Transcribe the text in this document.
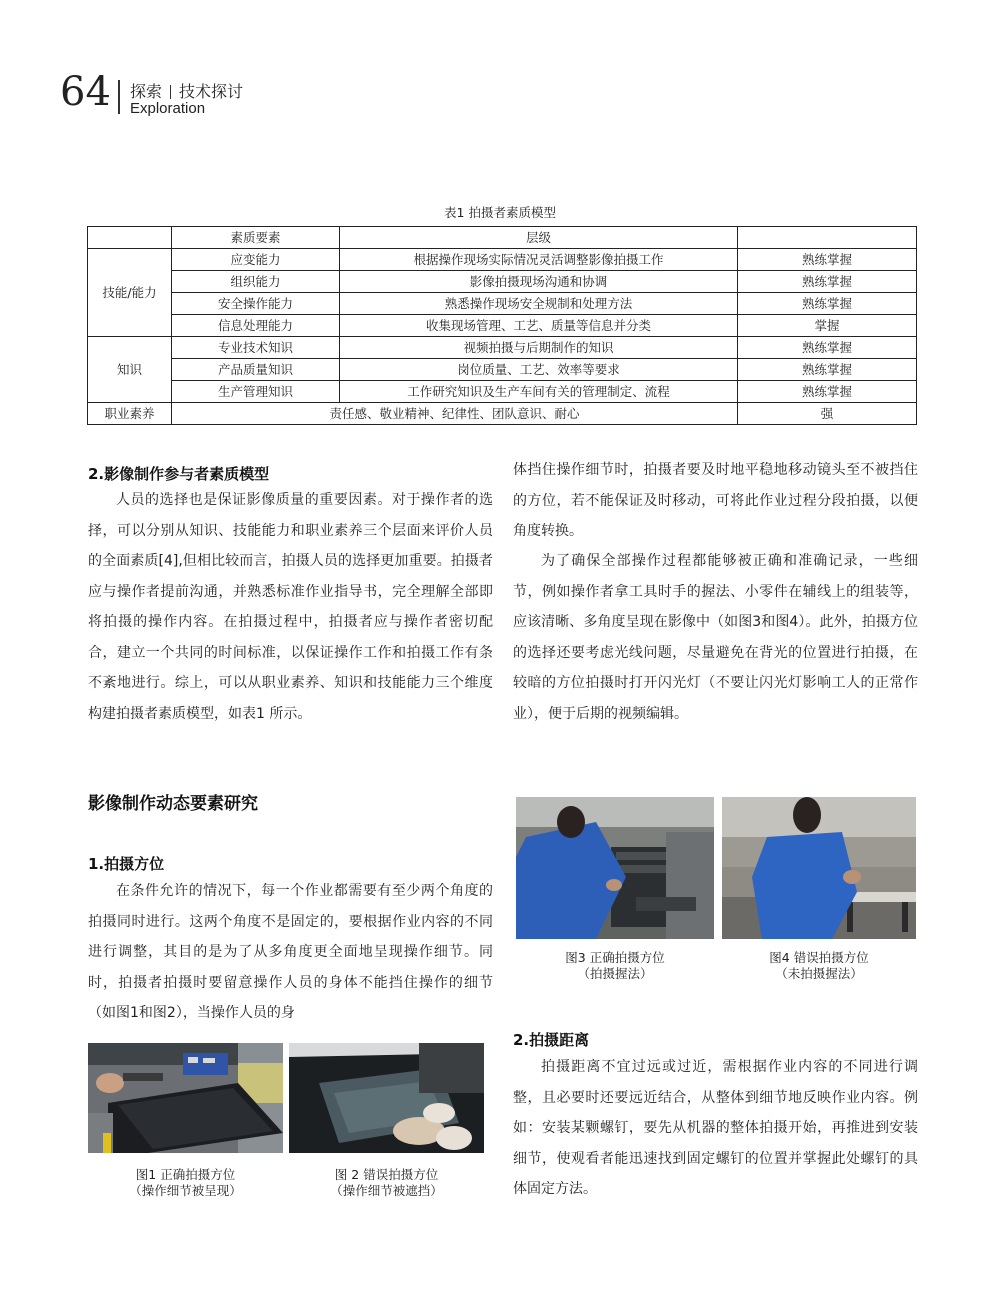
64 探索 技术探讨
Exploration
表1 拍摄者素质模型
	素质要素	层级	
技能/能力	应变能力	根据操作现场实际情况灵活调整影像拍摄工作	熟练掌握
	组织能力	影像拍摄现场沟通和协调	熟练掌握
	安全操作能力	熟悉操作现场安全规制和处理方法	熟练掌握
	信息处理能力	收集现场管理、工艺、质量等信息并分类	掌握
知识	专业技术知识	视频拍摄与后期制作的知识	熟练掌握
	产品质量知识	岗位质量、工艺、效率等要求	熟练掌握
	生产管理知识	工作研究知识及生产车间有关的管理制定、流程	熟练掌握
职业素养	责任感、敬业精神、纪律性、团队意识、耐心		强
2.影像制作参与者素质模型

人员的选择也是保证影像质量的重要因素。对于操作者的选择，可以分别从知识、技能能力和职业素养三个层面来评价人员的全面素质[4],但相比较而言，拍摄人员的选择更加重要。拍摄者应与操作者提前沟通，并熟悉标准作业指导书，完全理解全部即将拍摄的操作内容。在拍摄过程中，拍摄者应与操作者密切配合，建立一个共同的时间标准，以保证操作工作和拍摄工作有条不紊地进行。综上，可以从职业素养、知识和技能能力三个维度构建拍摄者素质模型，如表1 所示。

影像制作动态要素研究
1.拍摄方位

在条件允许的情况下，每一个作业都需要有至少两个角度的拍摄同时进行。这两个角度不是固定的，要根据作业内容的不同进行调整，其目的是为了从多角度更全面地呈现操作细节。同时，拍摄者拍摄时要留意操作人员的身体不能挡住操作的细节（如图1和图2），当操作人员的身

图1 正确拍摄方位
（操作细节被呈现）
图 2 错误拍摄方位
（操作细节被遮挡）

体挡住操作细节时，拍摄者要及时地平稳地移动镜头至不被挡住的方位，若不能保证及时移动，可将此作业过程分段拍摄，以便角度转换。

为了确保全部操作过程都能够被正确和准确记录，一些细节，例如操作者拿工具时手的握法、小零件在辅线上的组装等，应该清晰、多角度呈现在影像中（如图3和图4）。此外，拍摄方位的选择还要考虑光线问题，尽量避免在背光的位置进行拍摄，在较暗的方位拍摄时打开闪光灯（不要让闪光灯影响工人的正常作业），便于后期的视频编辑。

图3 正确拍摄方位
（拍摄握法）
图4 错误拍摄方位
（未拍摄握法）
2.拍摄距离

拍摄距离不宜过远或过近，需根据作业内容的不同进行调整，且必要时还要远近结合，从整体到细节地反映作业内容。例如：安装某颗螺钉，要先从机器的整体拍摄开始，再推进到安装细节，使观看者能迅速找到固定螺钉的位置并掌握此处螺钉的具体固定方法。
